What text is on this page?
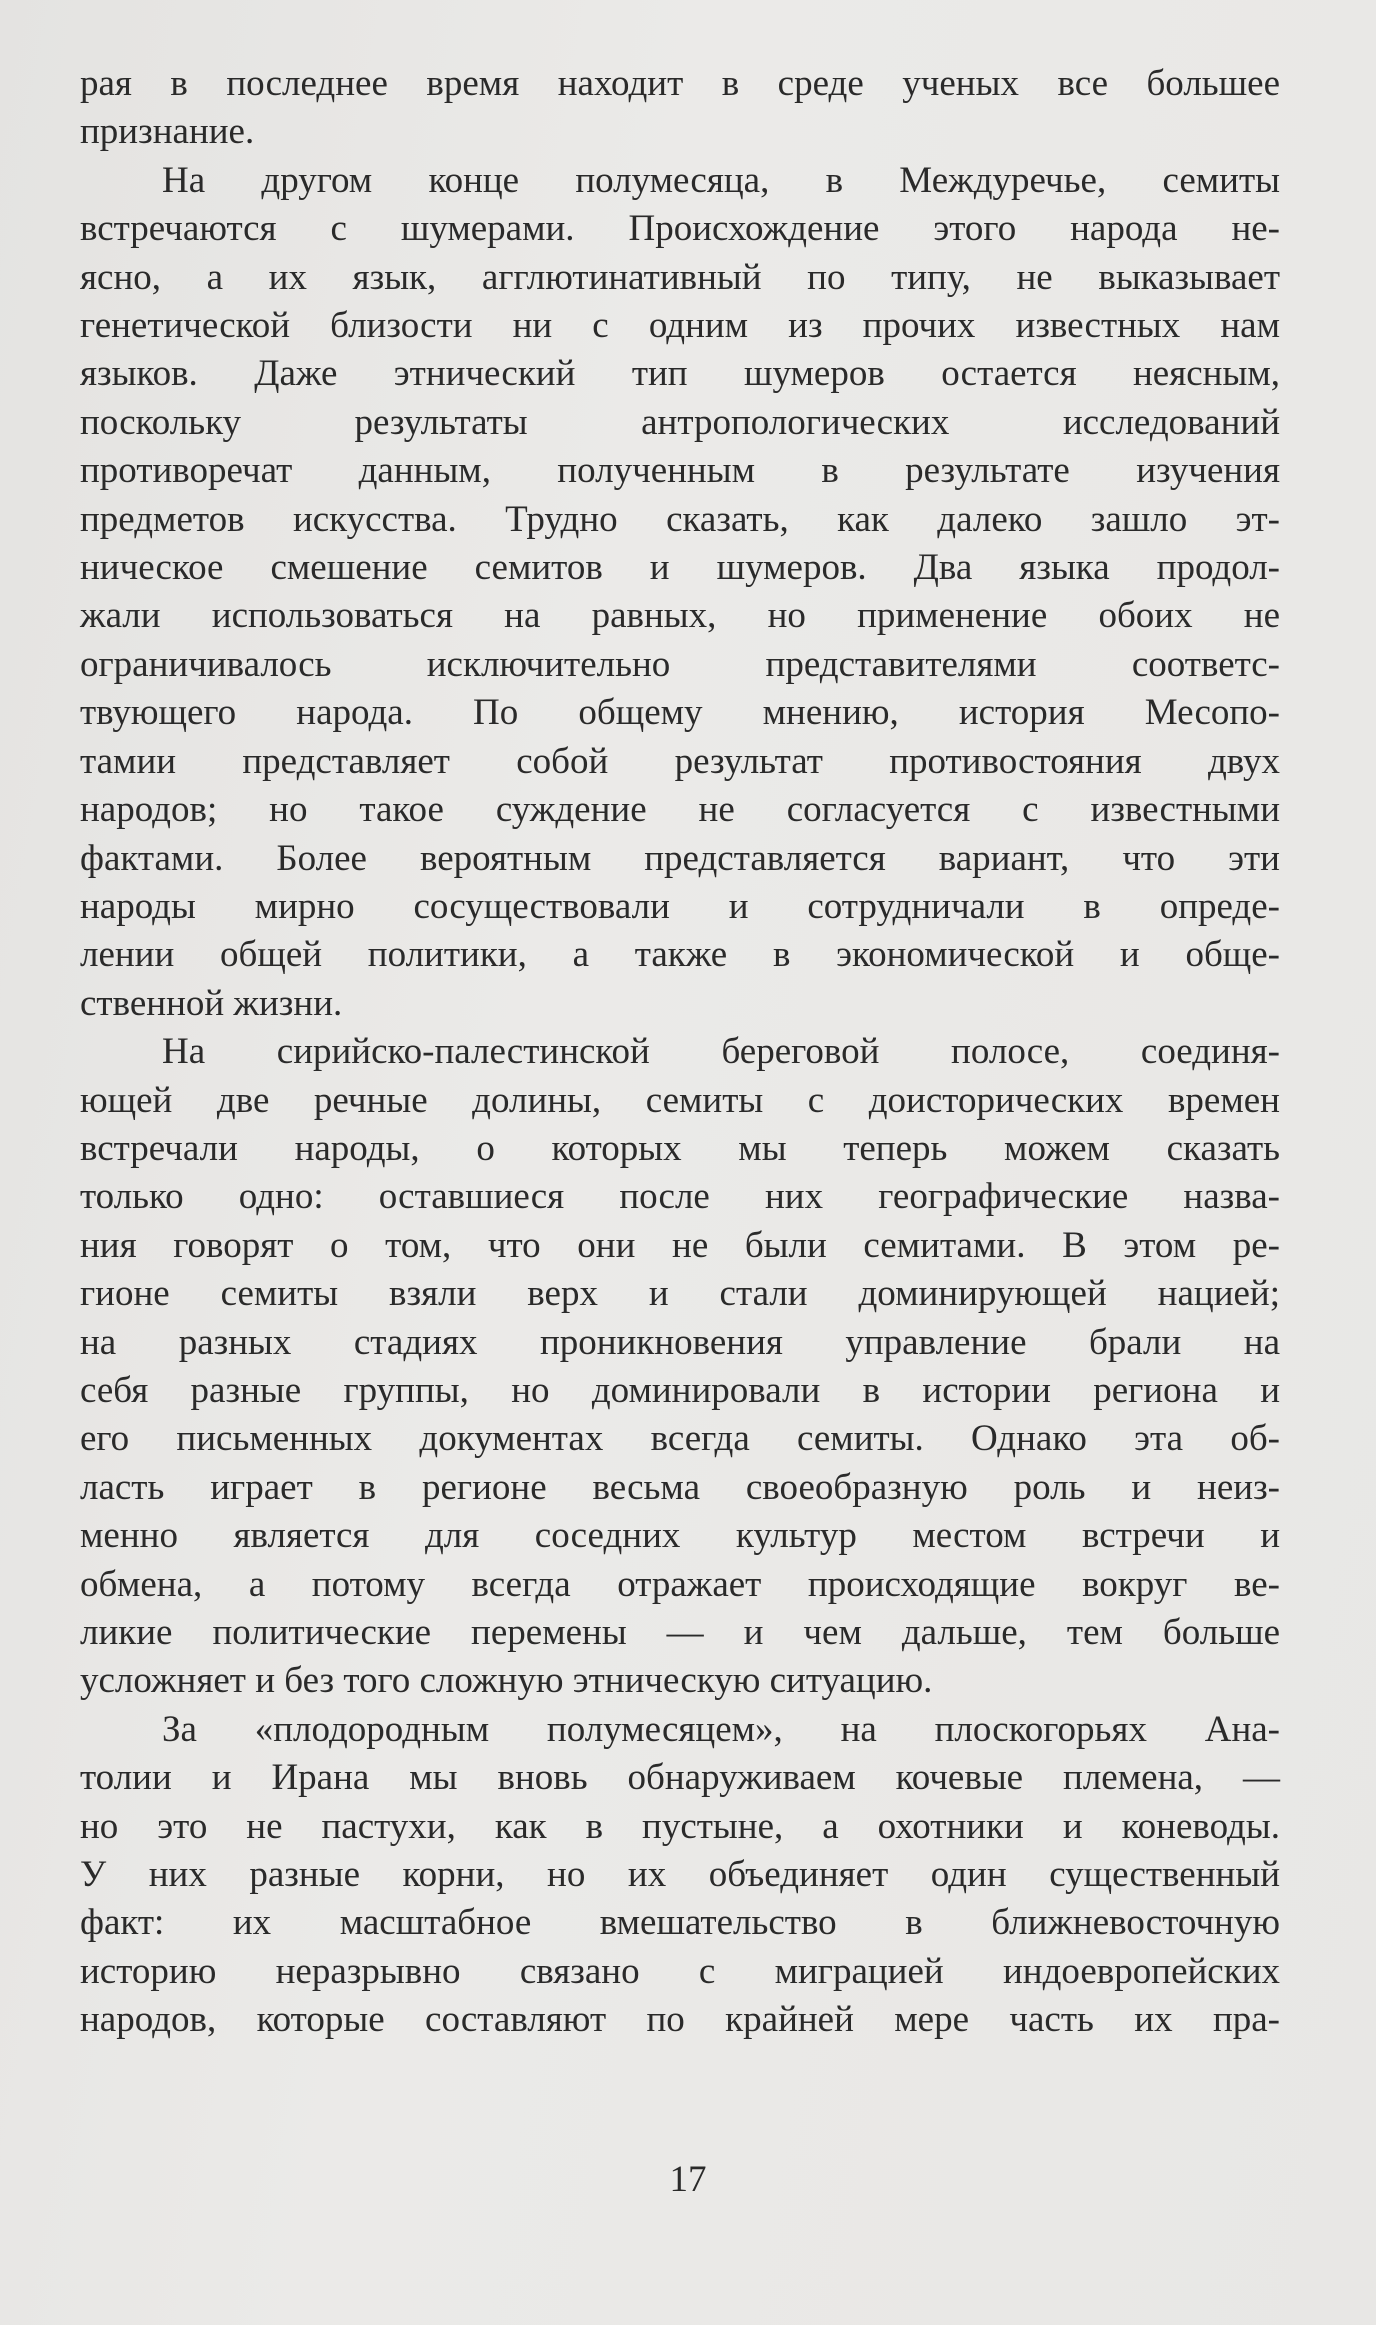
рая в последнее время находит в среде ученых все большее
признание.

На другом конце полумесяца, в Междуречье, семиты
встречаются с шумерами. Происхождение этого народа не-
ясно, а их язык, агглютинативный по типу, не выказывает
генетической близости ни с одним из прочих известных нам
языков. Даже этнический тип шумеров остается неясным,
поскольку результаты антропологических исследований
противоречат данным, полученным в результате изучения
предметов искусства. Трудно сказать, как далеко зашло эт-
ническое смешение семитов и шумеров. Два языка продол-
жали использоваться на равных, но применение обоих не
ограничивалось исключительно представителями соответс-
твующего народа. По общему мнению, история Месопо-
тамии представляет собой результат противостояния двух
народов; но такое суждение не согласуется с известными
фактами. Более вероятным представляется вариант, что эти
народы мирно сосуществовали и сотрудничали в опреде-
лении общей политики, а также в экономической и обще-
ственной жизни.

На сирийско-палестинской береговой полосе, соединя-
ющей две речные долины, семиты с доисторических времен
встречали народы, о которых мы теперь можем сказать
только одно: оставшиеся после них географические назва-
ния говорят о том, что они не были семитами. В этом ре-
гионе семиты взяли верх и стали доминирующей нацией;
на разных стадиях проникновения управление брали на
себя разные группы, но доминировали в истории региона и
его письменных документах всегда семиты. Однако эта об-
ласть играет в регионе весьма своеобразную роль и неиз-
менно является для соседних культур местом встречи и
обмена, а потому всегда отражает происходящие вокруг ве-
ликие политические перемены — и чем дальше, тем больше
усложняет и без того сложную этническую ситуацию.

За «плодородным полумесяцем», на плоскогорьях Ана-
толии и Ирана мы вновь обнаруживаем кочевые племена, —
но это не пастухи, как в пустыне, а охотники и коневоды.
У них разные корни, но их объединяет один существенный
факт: их масштабное вмешательство в ближневосточную
историю неразрывно связано с миграцией индоевропейских
народов, которые составляют по крайней мере часть их пра-

17
